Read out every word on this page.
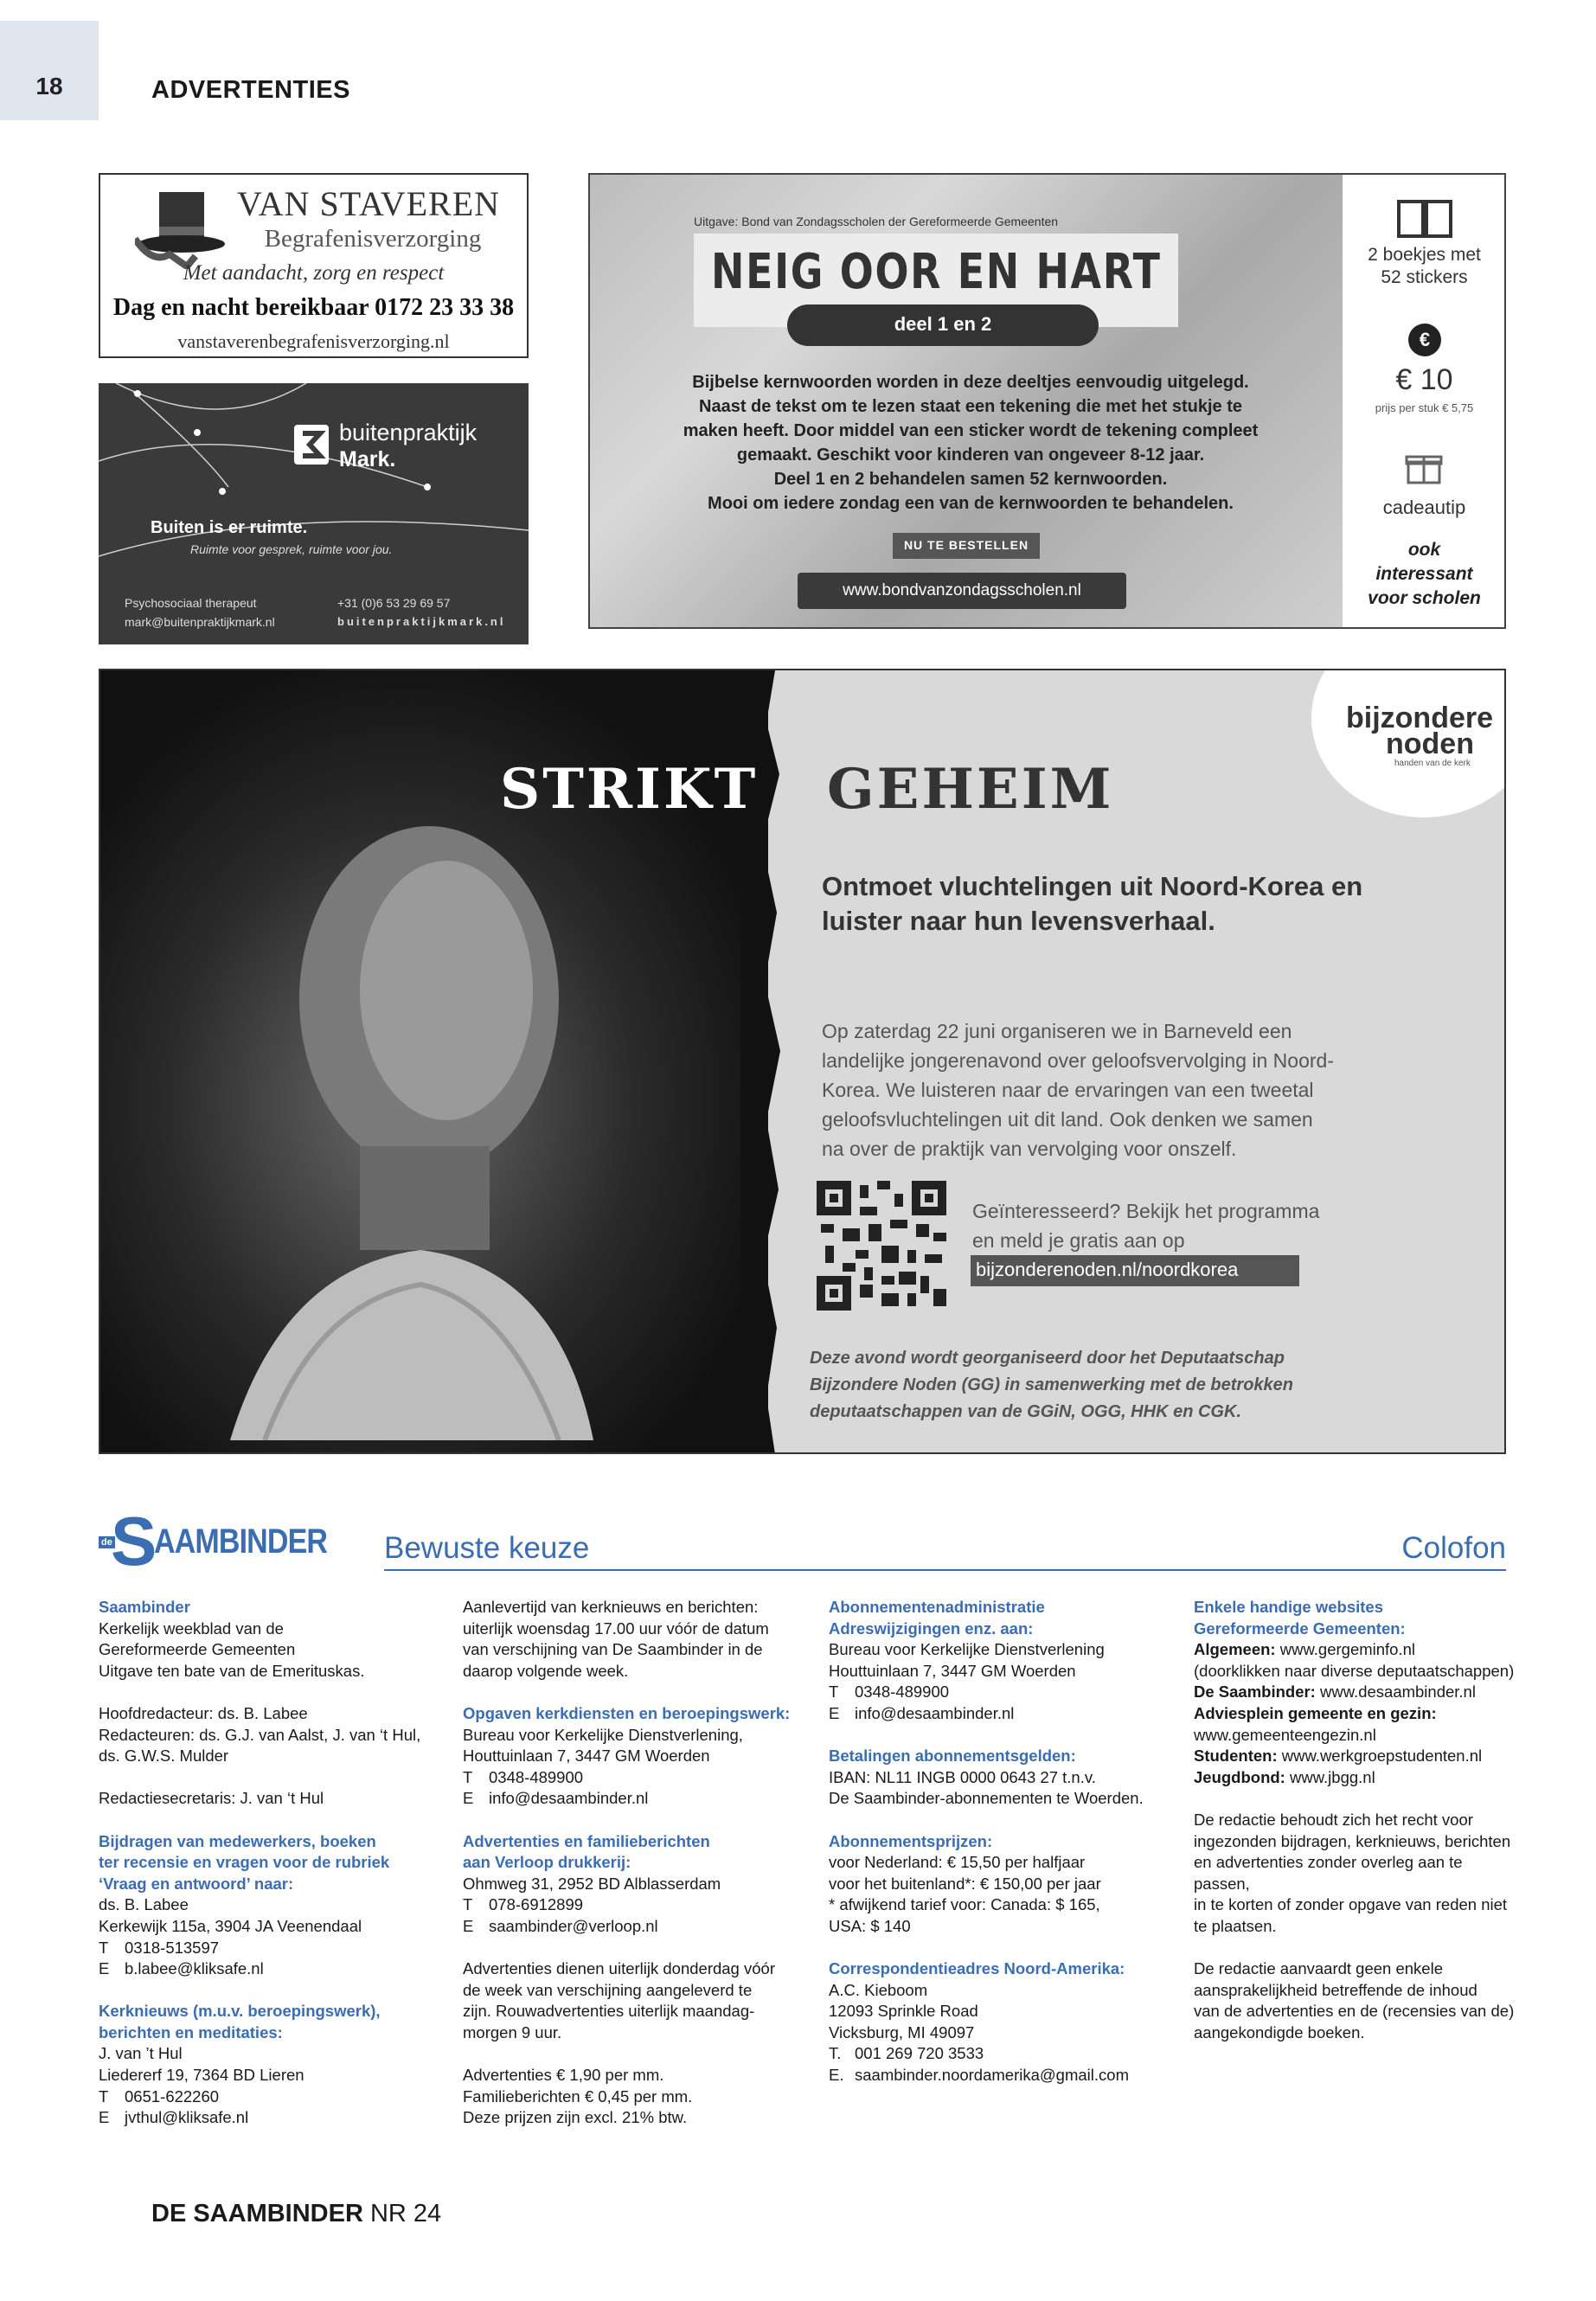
18	ADVERTENTIES
VAN STAVEREN
Begrafenisverzorging
Met aandacht, zorg en respect
Dag en nacht bereikbaar 0172 23 33 38
vanstaverenbegrafenisverzorging.nl
buitenpraktijk
Mark.
Buiten is er ruimte.
Ruimte voor gesprek, ruimte voor jou.
Psychosociaal therapeut
mark@buitenpraktijkmark.nl
+31 (0)6 53 29 69 57
buitenpraktijkmark.nl
Uitgave: Bond van Zondagsscholen der Gereformeerde Gemeenten
NEIG OOR EN HART
deel 1 en 2
Bijbelse kernwoorden worden in deze deeltjes eenvoudig uitgelegd.
Naast de tekst om te lezen staat een tekening die met het stukje te
maken heeft. Door middel van een sticker wordt de tekening compleet
gemaakt. Geschikt voor kinderen van ongeveer 8-12 jaar.
Deel 1 en 2 behandelen samen 52 kernwoorden.
Mooi om iedere zondag een van de kernwoorden te behandelen.
NU TE BESTELLEN
www.bondvanzondagsscholen.nl
2 boekjes met
52 stickers
€
€ 10
prijs per stuk € 5,75
cadeautip
ook
interessant
voor scholen
STRIKT GEHEIM
bijzondere
noden
handen van de kerk
Ontmoet vluchtelingen uit Noord-Korea en
luister naar hun levensverhaal.
Op zaterdag 22 juni organiseren we in Barneveld een
landelijke jongerenavond over geloofsvervolging in Noord-
Korea. We luisteren naar de ervaringen van een tweetal
geloofsvluchtelingen uit dit land. Ook denken we samen
na over de praktijk van vervolging voor onszelf.
Geïnteresseerd? Bekijk het programma
en meld je gratis aan op
bijzonderenoden.nl/noordkorea
Deze avond wordt georganiseerd door het Deputaatschap
Bijzondere Noden (GG) in samenwerking met de betrokken
deputaatschappen van de GGiN, OGG, HHK en CGK.
de
S
AAMBINDER Bewuste keuze	Colofon

Saambinder

Kerkelijk weekblad van de

Gereformeerde Gemeenten

Uitgave ten bate van de Emerituskas.

Hoofdredacteur: ds. B. Labee

Redacteuren: ds. G.J. van Aalst, J. van ‘t Hul,

ds. G.W.S. Mulder

Redactiesecretaris: J. van ‘t Hul

Bijdragen van medewerkers, boeken

ter recensie en vragen voor de rubriek

‘Vraag en antwoord’ naar:

ds. B. Labee

Kerkewijk 115a, 3904 JA Veenendaal

T 0318-513597

E b.labee@kliksafe.nl

Kerknieuws (m.u.v. beroepingswerk),

berichten en meditaties:

J. van ’t Hul

Liedererf 19, 7364 BD Lieren

T 0651-622260

E jvthul@kliksafe.nl

Aanlevertijd van kerknieuws en berichten:

uiterlijk woensdag 17.00 uur vóór de datum

van verschijning van De Saambinder in de

daarop volgende week.

Opgaven kerkdiensten en beroepingswerk:

Bureau voor Kerkelijke Dienstverlening,

Houttuinlaan 7, 3447 GM Woerden

T 0348-489900

E info@desaambinder.nl

Advertenties en familieberichten

aan Verloop drukkerij:

Ohmweg 31, 2952 BD Alblasserdam

T 078-6912899

E saambinder@verloop.nl

Advertenties dienen uiterlijk donderdag vóór

de week van verschijning aangeleverd te

zijn. Rouwadvertenties uiterlijk maandag-

morgen 9 uur.

Advertenties € 1,90 per mm.

Familieberichten € 0,45 per mm.

Deze prijzen zijn excl. 21% btw.

Abonnementenadministratie

Adreswijzigingen enz. aan:

Bureau voor Kerkelijke Dienstverlening

Houttuinlaan 7, 3447 GM Woerden

T 0348-489900

E info@desaambinder.nl

Betalingen abonnementsgelden:

IBAN: NL11 INGB 0000 0643 27 t.n.v.

De Saambinder-abonnementen te Woerden.

Abonnementsprijzen:

voor Nederland: € 15,50 per halfjaar

voor het buitenland*: € 150,00 per jaar

* afwijkend tarief voor: Canada: $ 165,

USA: $ 140

Correspondentieadres Noord-Amerika:

A.C. Kieboom

12093 Sprinkle Road

Vicksburg, MI 49097

T. 001 269 720 3533

E. saambinder.noordamerika@gmail.com

Enkele handige websites

Gereformeerde Gemeenten:

Algemeen: www.gergeminfo.nl

(doorklikken naar diverse deputaatschappen)

De Saambinder: www.desaambinder.nl

Adviesplein gemeente en gezin:

www.gemeenteengezin.nl

Studenten: www.werkgroepstudenten.nl

Jeugdbond: www.jbgg.nl

De redactie behoudt zich het recht voor

ingezonden bijdragen, kerknieuws, berichten

en advertenties zonder overleg aan te passen,

in te korten of zonder opgave van reden niet

te plaatsen.

De redactie aanvaardt geen enkele

aansprakelijkheid betreffende de inhoud

van de advertenties en de (recensies van de)

aangekondigde boeken.

DE SAAMBINDER NR 24
